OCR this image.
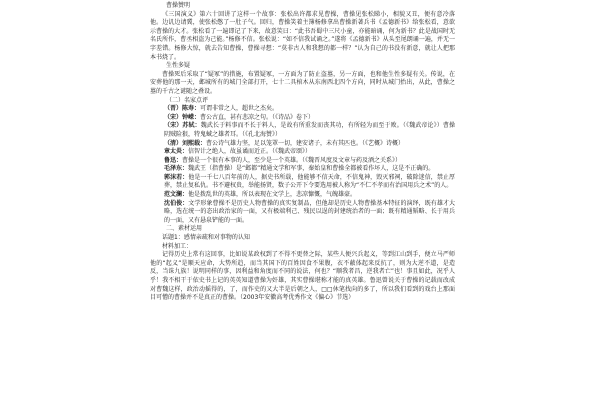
曹操赞明

《三国演义》第六十回讲了这样一个故事：张松出许都求见曹操，曹操见张松睇小，相貌又丑，便有意冷落他。边讥边请冀，使张松憋了一肚子气。回归，曹操笑着主簿杨修拿出曹操新著兵书《孟德新书》给张松看，意欲示曹操的大才。张松看了一遍即记了下来，故意笑曰：“此书吾蜀中三尺小童，亦能暗诵，何为新书？此是战国时无名氏所作，曹丞相盗为己能。”杨修不信。张松说：“如不信我试诵之。”遂将《孟德新书》从头至尾朗诵一遍，并无一字差错。杨修大惊，就去告知曹操，曹操寻想：“莫非古人和我想的都一样？”认为自己的书没有新意，就让人把那本书烧了。

生性多疑

曹操死后采取了“疑冢”的措施，布置疑冢，一方面为了防止盗墓，另一方面，也和他生性多疑有关。传说，在安葬他的那一天，邺城所有的城门全部打开，七十二具棺木从东南西北四个方向，同时从城门抬出，从此，曹操之墓的千古之谜随之叠设。

（二）名家点评

（晋）陈寿：可谓非常之人，超世之杰矣。

（宋）钟嵘：曹公古直，甚有悲凉之句。（《诗品》卷下）

（宋）苏轼：魏武长于料事而不长于料人，是故有所重发而丧其功，有所轻为而至于败。（《魏武帝论》）曹操阴贼险狠，特鬼蜮之雄者耳。（《孔北海赞》）

（清）刘熙载：曹公诗气雄力坚，足以笼罩一切，建安诸子，未有其匹也。（《艺概》诗概）

章太炎：信智计之绝人，故虽谲而近正。（《魏武帝颂》）

鲁迅：曹操是一个很有本事的人，至少是一个英雄。（《魏晋风度及文章与药及酒之关系》）

毛泽东：魏武王（指曹操）是“邺都”精通文学和军事，秦始皇和曹操全都被看作坏人，这是不正确的。

郭沫若：他是一千七八百年前的人，据史书所载，他能够不信天命，不信鬼神，毁灭邪祠，破除迷信，禁止厚葬，禁止复私仇。书不避权贵，举能扬贤，数子公开下令要选用被人称为“不仁不孝而有治国用兵之术”的人。

范文澜：他是拨乱世的英雄，所以表现在文学上，悲凉慷慨，气魄雄豪。

沈伯俊：文学形象曹操不是历史人物曹操的真实复制品，但他却是历史人物曹操基本特征的演绎，既有雄才大略，选在统一的态出政治家的一面，又有极端利己、残民以逞的封建统治者的一面；既有精通韬略、长于用兵的一面，又有悬泉铲能的一面。

二、素材运用

话题1：感情亲疏和对事物的认知

材料加工：

记得历史上常有这回事，比如说某政权到了不得不更替之际，某些人便兴兵起义，等到江山到手，便立马严师他的“起义”是顺天应命，大势所趋，而当其国下的百姓因食不果腹，衣不蔽体起来反抗了，则为大逆不道，是造反，当诛九族！说明同样的事，因利益和角度而不同的说法，何也？“顺我者昌，逆我者亡”也！事且如此，况乎人乎！我不相干于依史书上记的英英知道曹操为奸雄，其实曹操堪称才能的真英雄。鲁迅曾说关于曹操的记载而改成对曹魏这样，政治动摇得的，了，而作史的又大半是后朝之人，□□休笔找向的多了，所以我们看到的戏台上那面目可憎的曹操并不是真正的曹操。（2003年安徽高考优秀作文《偏心》节选）
